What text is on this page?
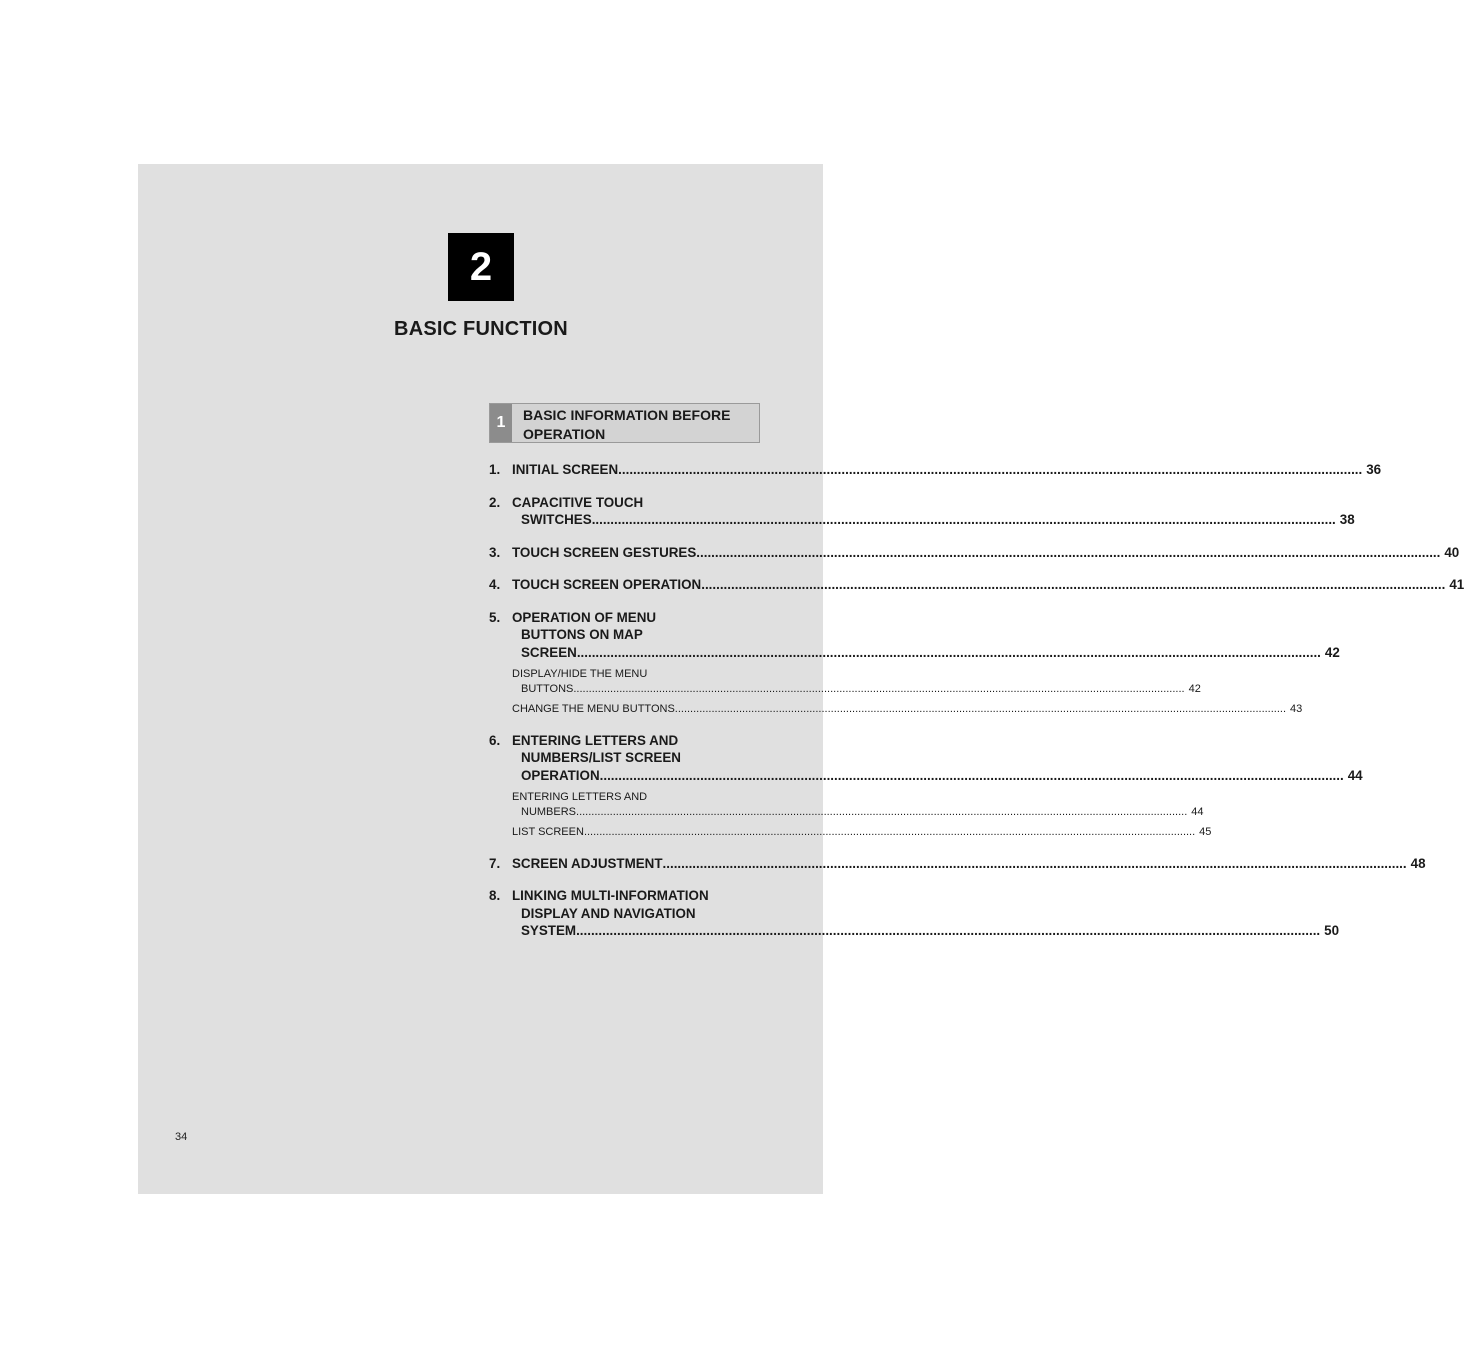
2
BASIC FUNCTION
1	BASIC INFORMATION BEFORE OPERATION
1. INITIAL SCREEN ........................................................................................................................................................................................................ 36
2. CAPACITIVE TOUCH
SWITCHES ........................................................................................................................................................................................................ 38
3. TOUCH SCREEN GESTURES ........................................................................................................................................................................................................ 40
4. TOUCH SCREEN OPERATION ........................................................................................................................................................................................................ 41
5. OPERATION OF MENU
BUTTONS ON MAP
SCREEN ........................................................................................................................................................................................................ 42
DISPLAY/HIDE THE MENU
BUTTONS ........................................................................................................................................................................................................ 42
CHANGE THE MENU BUTTONS ........................................................................................................................................................................................................ 43
6. ENTERING LETTERS AND
NUMBERS/LIST SCREEN
OPERATION ........................................................................................................................................................................................................ 44
ENTERING LETTERS AND
NUMBERS ........................................................................................................................................................................................................ 44
LIST SCREEN ........................................................................................................................................................................................................ 45
7. SCREEN ADJUSTMENT ........................................................................................................................................................................................................ 48
8. LINKING MULTI-INFORMATION
DISPLAY AND NAVIGATION
SYSTEM ........................................................................................................................................................................................................ 50
34
